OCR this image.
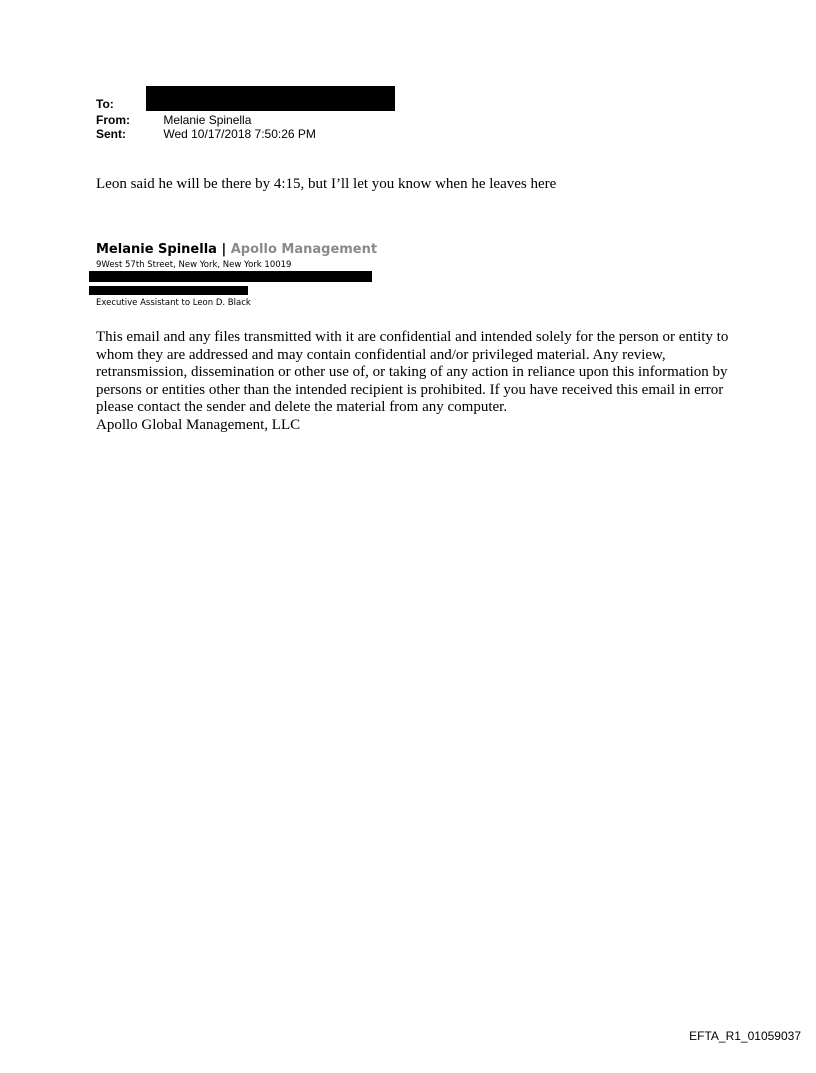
To:
From:	Melanie Spinella
Sent:	Wed 10/17/2018 7:50:26 PM
Leon said he will be there by 4:15, but I’ll let you know when he leaves here
Melanie Spinella | Apollo Management
9West 57th Street, New York, New York 10019
Executive Assistant to Leon D. Black
This email and any files transmitted with it are confidential and intended solely for the person or entity to whom they are addressed and may contain confidential and/or privileged material. Any review, retransmission, dissemination or other use of, or taking of any action in reliance upon this information by persons or entities other than the intended recipient is prohibited. If you have received this email in error please contact the sender and delete the material from any computer.
Apollo Global Management, LLC
EFTA_R1_01059037
